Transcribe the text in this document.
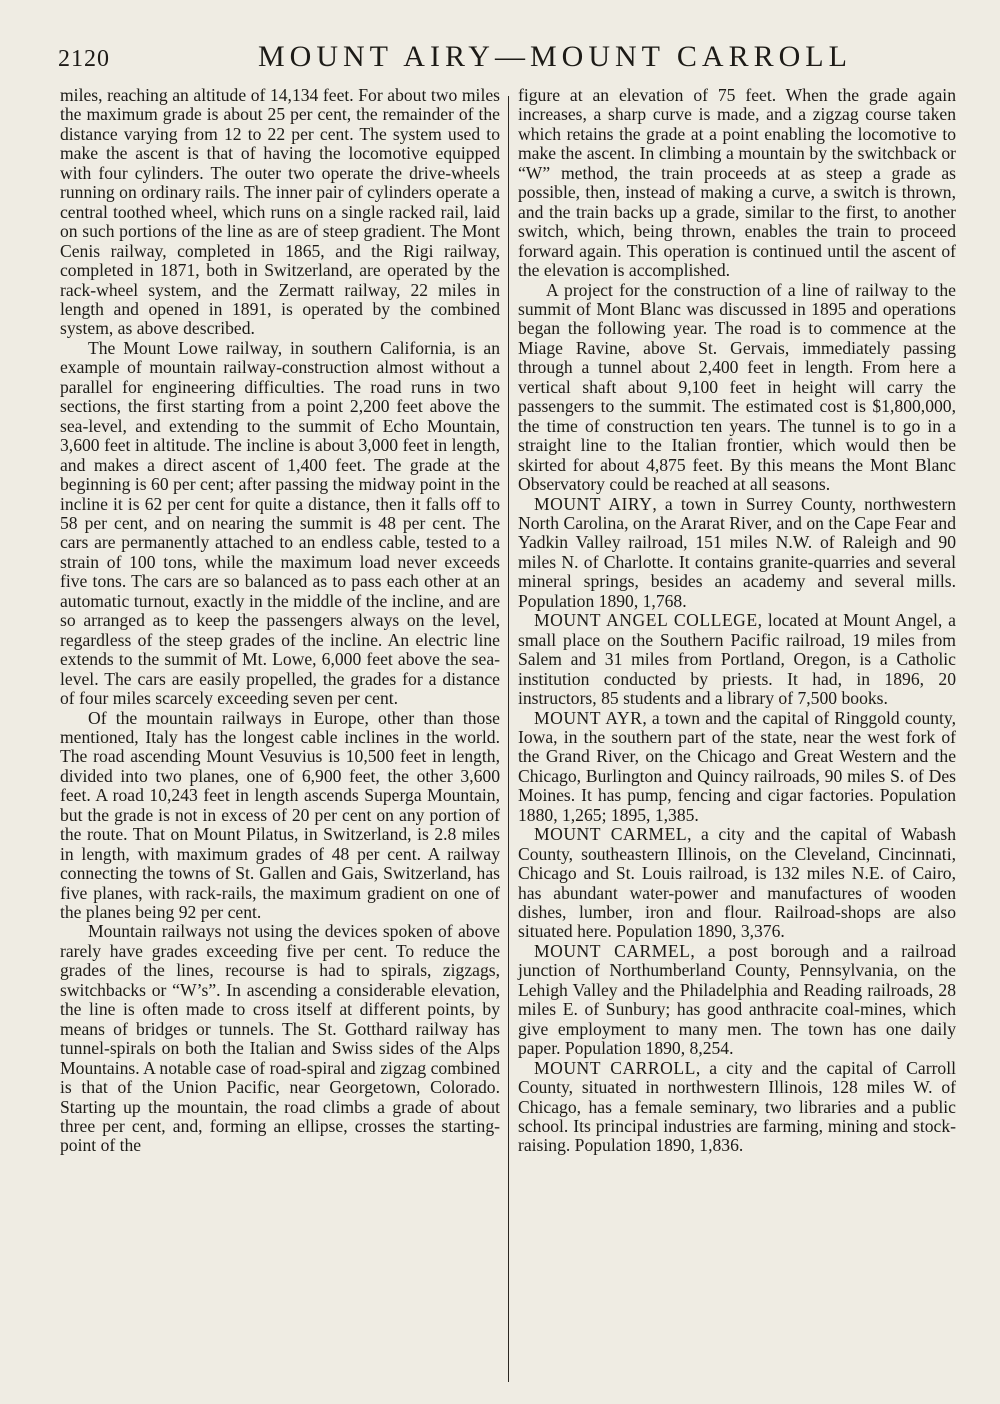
2120	MOUNT AIRY—MOUNT CARROLL

miles, reaching an altitude of 14,134 feet. For about two miles the maximum grade is about 25 per cent, the remainder of the distance varying from 12 to 22 per cent. The system used to make the ascent is that of having the locomotive equipped with four cylinders. The outer two operate the drive-wheels running on ordinary rails. The inner pair of cylinders operate a central toothed wheel, which runs on a single racked rail, laid on such portions of the line as are of steep gradient. The Mont Cenis railway, completed in 1865, and the Rigi railway, completed in 1871, both in Switzerland, are operated by the rack-wheel system, and the Zermatt railway, 22 miles in length and opened in 1891, is operated by the combined system, as above described.

The Mount Lowe railway, in southern California, is an example of mountain railway-construction almost without a parallel for engineering difficulties. The road runs in two sections, the first starting from a point 2,200 feet above the sea-level, and extending to the summit of Echo Mountain, 3,600 feet in altitude. The incline is about 3,000 feet in length, and makes a direct ascent of 1,400 feet. The grade at the beginning is 60 per cent; after passing the midway point in the incline it is 62 per cent for quite a distance, then it falls off to 58 per cent, and on nearing the summit is 48 per cent. The cars are permanently attached to an endless cable, tested to a strain of 100 tons, while the maximum load never exceeds five tons. The cars are so balanced as to pass each other at an automatic turnout, exactly in the middle of the incline, and are so arranged as to keep the passengers always on the level, regardless of the steep grades of the incline. An electric line extends to the summit of Mt. Lowe, 6,000 feet above the sea-level. The cars are easily propelled, the grades for a distance of four miles scarcely exceeding seven per cent.

Of the mountain railways in Europe, other than those mentioned, Italy has the longest cable inclines in the world. The road ascending Mount Vesuvius is 10,500 feet in length, divided into two planes, one of 6,900 feet, the other 3,600 feet. A road 10,243 feet in length ascends Superga Mountain, but the grade is not in excess of 20 per cent on any portion of the route. That on Mount Pilatus, in Switzerland, is 2.8 miles in length, with maximum grades of 48 per cent. A railway connecting the towns of St. Gallen and Gais, Switzerland, has five planes, with rack-rails, the maximum gradient on one of the planes being 92 per cent.

Mountain railways not using the devices spoken of above rarely have grades exceeding five per cent. To reduce the grades of the lines, recourse is had to spirals, zigzags, switchbacks or “W’s”. In ascending a considerable elevation, the line is often made to cross itself at different points, by means of bridges or tunnels. The St. Gotthard railway has tunnel-spirals on both the Italian and Swiss sides of the Alps Mountains. A notable case of road-spiral and zigzag combined is that of the Union Pacific, near Georgetown, Colorado. Starting up the mountain, the road climbs a grade of about three per cent, and, forming an ellipse, crosses the starting-point of the

figure at an elevation of 75 feet. When the grade again increases, a sharp curve is made, and a zigzag course taken which retains the grade at a point enabling the locomotive to make the ascent. In climbing a mountain by the switchback or “W” method, the train proceeds at as steep a grade as possible, then, instead of making a curve, a switch is thrown, and the train backs up a grade, similar to the first, to another switch, which, being thrown, enables the train to proceed forward again. This operation is continued until the ascent of the elevation is accomplished.

A project for the construction of a line of railway to the summit of Mont Blanc was discussed in 1895 and operations began the following year. The road is to commence at the Miage Ravine, above St. Gervais, immediately passing through a tunnel about 2,400 feet in length. From here a vertical shaft about 9,100 feet in height will carry the passengers to the summit. The estimated cost is $1,800,000, the time of construction ten years. The tunnel is to go in a straight line to the Italian frontier, which would then be skirted for about 4,875 feet. By this means the Mont Blanc Observatory could be reached at all seasons.

MOUNT AIRY, a town in Surrey County, northwestern North Carolina, on the Ararat River, and on the Cape Fear and Yadkin Valley railroad, 151 miles N.W. of Raleigh and 90 miles N. of Charlotte. It contains granite-quarries and several mineral springs, besides an academy and several mills. Population 1890, 1,768.

MOUNT ANGEL COLLEGE, located at Mount Angel, a small place on the Southern Pacific railroad, 19 miles from Salem and 31 miles from Portland, Oregon, is a Catholic institution conducted by priests. It had, in 1896, 20 instructors, 85 students and a library of 7,500 books.

MOUNT AYR, a town and the capital of Ringgold county, Iowa, in the southern part of the state, near the west fork of the Grand River, on the Chicago and Great Western and the Chicago, Burlington and Quincy railroads, 90 miles S. of Des Moines. It has pump, fencing and cigar factories. Population 1880, 1,265; 1895, 1,385.

MOUNT CARMEL, a city and the capital of Wabash County, southeastern Illinois, on the Cleveland, Cincinnati, Chicago and St. Louis railroad, is 132 miles N.E. of Cairo, has abundant water-power and manufactures of wooden dishes, lumber, iron and flour. Railroad-shops are also situated here. Population 1890, 3,376.

MOUNT CARMEL, a post borough and a railroad junction of Northumberland County, Pennsylvania, on the Lehigh Valley and the Philadelphia and Reading railroads, 28 miles E. of Sunbury; has good anthracite coal-mines, which give employment to many men. The town has one daily paper. Population 1890, 8,254.

MOUNT CARROLL, a city and the capital of Carroll County, situated in northwestern Illinois, 128 miles W. of Chicago, has a female seminary, two libraries and a public school. Its principal industries are farming, mining and stock-raising. Population 1890, 1,836.
